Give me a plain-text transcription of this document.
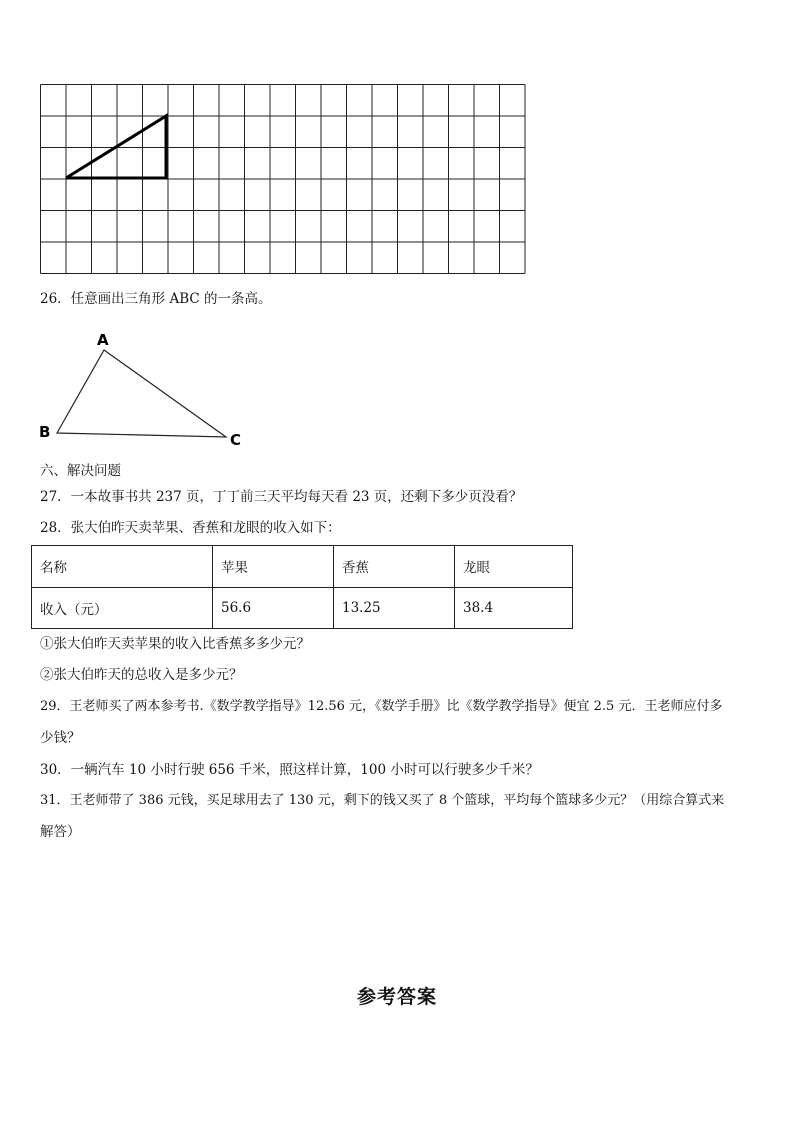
26．任意画出三角形 ABC 的一条高。
A
B	C
六、解决问题
27．一本故事书共 237 页，丁丁前三天平均每天看 23 页，还剩下多少页没看？
28．张大伯昨天卖苹果、香蕉和龙眼的收入如下：
名称	苹果	香蕉	龙眼
收入（元）	56.6	13.25	38.4
①张大伯昨天卖苹果的收入比香蕉多多少元？
②张大伯昨天的总收入是多少元？
29．王老师买了两本参考书.《数学教学指导》12.56 元，《数学手册》比《数学教学指导》便宜 2.5 元．王老师应付多
少钱？
30．一辆汽车 10 小时行驶 656 千米，照这样计算，100 小时可以行驶多少千米？
31．王老师带了 386 元钱，买足球用去了 130 元，剩下的钱又买了 8 个篮球，平均每个篮球多少元？（用综合算式来
解答）
参考答案
